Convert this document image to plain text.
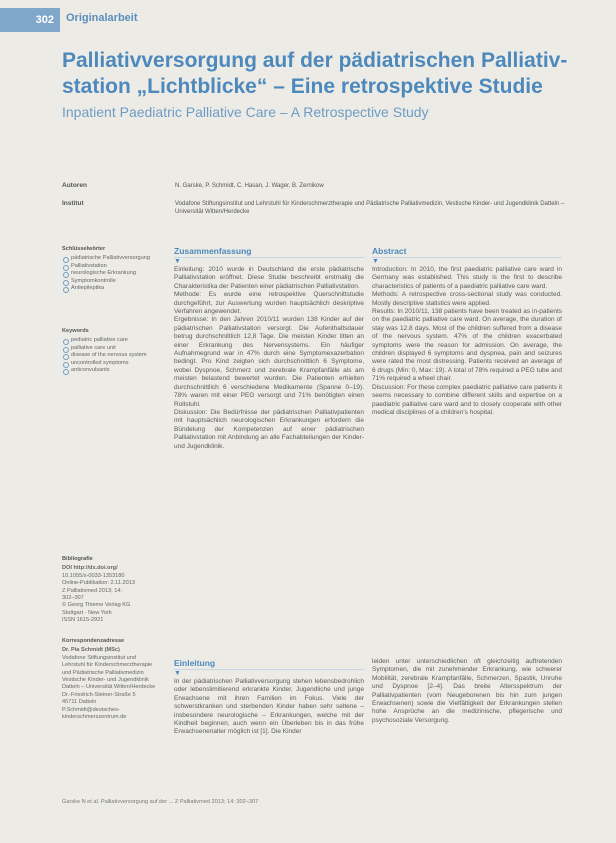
302	Originalarbeit
Palliativversorgung auf der pädiatrischen Palliativ-station „Lichtblicke“ – Eine retrospektive Studie
Inpatient Paediatric Palliative Care – A Retrospective Study
Autoren	N. Garske, P. Schmidt, C. Hasan, J. Wager, B. Zernikow
Institut	Vodafone Stiftungsinstitut und Lehrstuhl für Kinderschmerztherapie und Pädiatrische Palliativmedizin, Vestische Kinder- und Jugendklinik Datteln – Universität Witten/Herdecke
Schlüsselwörter
pädiatrische Palliativversorgung
Palliativstation
neurologische Erkrankung
Symptomkontrolle
Antiepileptika
Keywords
pediatric palliative care
palliative care unit
disease of the nervous system
uncontrolled symptoms
anticonvulsants
Bibliografie
DOI http://dx.doi.org/
10.1055/s-0033-1353180
Online-Publikation: 2.11.2013
Z Palliativmed 2013; 14:
302–307
© Georg Thieme Verlag KG
Stuttgart · New York
ISSN 1615-2921
Korrespondenzadresse
Dr. Pia Schmidt (MSc)
Vodafone Stiftungsinstitut und
Lehrstuhl für Kinderschmerztherapie
und Pädiatrische Palliativmedizin
Vestische Kinder- und Jugendklinik
Datteln – Universität Witten/Herdecke
Dr.-Friedrich-Steiner-Straße 5
45711 Datteln
P.Schmidt@deutsches-kinderschmerzzentrum.de
Zusammenfassung
▼

Einleitung: 2010 wurde in Deutschland die erste pädiatrische Palliativstation eröffnet. Diese Studie beschreibt erstmalig die Charakteristika der Patienten einer pädiatrischen Palliativstation.

Methode: Es wurde eine retrospektive Querschnittstudie durchgeführt, zur Auswertung wurden hauptsächlich deskriptive Verfahren angewendet.

Ergebnisse: In den Jahren 2010/11 wurden 138 Kinder auf der pädiatrischen Palliativstation versorgt. Die Aufenthaltsdauer betrug durchschnittlich 12,8 Tage. Die meisten Kinder litten an einer Erkrankung des Nervensystems. Ein häufiger Aufnahmegrund war in 47% durch eine Symptomexazerbation bedingt. Pro Kind zeigten sich durchschnittlich 6 Symptome, wobei Dyspnoe, Schmerz und zerebrale Krampfanfälle als am meisten belastend bewertet wurden. Die Patienten erhielten durchschnittlich 6 verschiedene Medikamente (Spanne 0–19). 78% waren mit einer PEG versorgt und 71% benötigten einen Rollstuhl.

Diskussion: Die Bedürfnisse der pädiatrischen Palliativpatienten mit hauptsächlich neurologischen Erkrankungen erfordern die Bündelung der Kompetenzen auf einer pädiatrischen Palliativstation mit Anbindung an alle Fachabteilungen der Kinder- und Jugendklinik.

Abstract
▼

Introduction: In 2010, the first paediatric palliative care ward in Germany was established. This study is the first to describe characteristics of patients of a paediatric palliative care ward.

Methods: A retrospective cross-sectional study was conducted. Mostly descriptive statistics were applied.

Results: In 2010/11, 138 patients have been treated as in-patients on the paediatric palliative care ward. On average, the duration of stay was 12.8 days. Most of the children suffered from a disease of the nervous system. 47% of the children exacerbated symptoms were the reason for admission. On average, the children displayed 6 symptoms and dyspnea, pain and seizures were rated the most distressing. Patients received an average of 6 drugs (Min: 0, Max: 19). A total of 78% required a PEG tube and 71% required a wheel chair.

Discussion: For these complex paediatric palliative care patients it seems necessary to combine different skills and expertise on a paediatric palliative care ward and to closely cooperate with other medical disciplines of a children's hospital.

Einleitung
▼

In der pädiatrischen Palliativversorgung stehen lebensbedrohlich oder lebenslimitierend erkrankte Kinder, Jugendliche und junge Erwachsene mit ihren Familien im Fokus. Viele der schwerstkranken und sterbenden Kinder haben sehr seltene – insbesondere neurologische – Erkrankungen, welche mit der Kindheit beginnen, auch wenn ein Überleben bis in das frühe Erwachsenenalter möglich ist [1]. Die Kinder

leiden unter unterschiedlichen oft gleichzeitig auftretenden Symptomen, die mit zunehmender Erkrankung, wie schwerer Mobilität, zerebrale Krampfanfälle, Schmerzen, Spastik, Unruhe und Dyspnoe [2–4]. Das breite Altersspektrum der Palliativpatienten (vom Neugeborenen bis hin zum jungen Erwachsenen) sowie die Vielfältigkeit der Erkrankungen stellen hohe Ansprüche an die medizinische, pflegerische und psychosoziale Versorgung.

Garske N et al. Palliativversorgung auf der ... Z Palliativmed 2013; 14: 302–307
